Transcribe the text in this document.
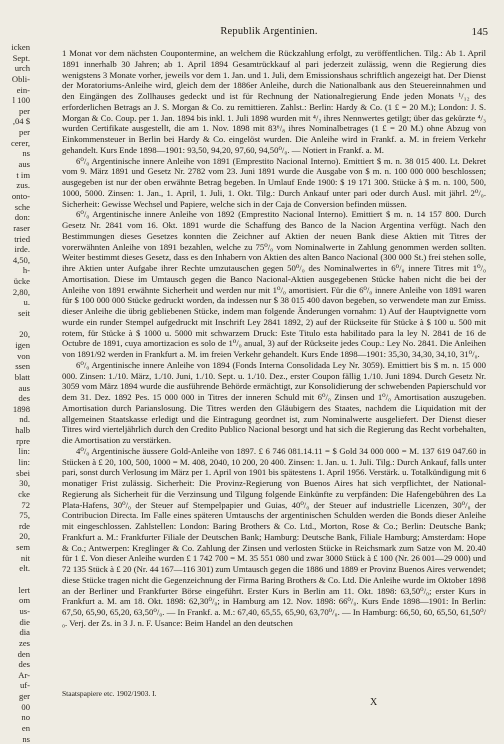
icken
Sept.
urch
Obli-
ein-
l 100
per
,04 $
per
cerer,
ns
aus
t im
zus.
onto-
sche
don:
raser
tried
irde.
4,50,
h-
ücke
2,80,
u.
seit
20,
igen
von
ssen
blatt
aus
des
1898
nd.
halb
rpre
lin:
lin:
sbei
30,
cke
72
75,
rde
20,
sem
nit
elt.
lert
om
us-
die
dia
zes
den
des
Ar-
uf-
ger
00
no
en
ns
Republik Argentinien.	145

1 Monat vor dem nächsten Coupontermine, an welchem die Rückzahlung erfolgt, zu veröffentlichen. Tilg.: Ab 1. April 1891 innerhalb 30 Jahren; ab 1. April 1894 Gesamtrückkauf al pari jederzeit zulässig, wenn die Regierung dies wenigstens 3 Monate vorher, jeweils vor dem 1. Jan. und 1. Juli, dem Emissionshaus schriftlich angezeigt hat. Der Dienst der Moratoriums-Anleihe wird, gleich dem der 1886er Anleihe, durch die Nationalbank aus den Steuereinnahmen und den Eingängen des Zollhauses gedeckt und ist für Rechnung der Nationalregierung Ende jeden Monats ¹/₁₂ des erforderlichen Betrags an J. S. Morgan & Co. zu remittieren. Zahlst.: Berlin: Hardy & Co. (1 £ = 20 M.); London: J. S. Morgan & Co. Coup. per 1. Jan. 1894 bis inkl. 1. Juli 1898 wurden mit ⁴/₃ ihres Nennwertes getilgt; über das gekürzte ⁴/₃ wurden Certifikate ausgestellt, die am 1. Nov. 1898 mit 83⁶/₈ ihres Nominalbetrages (1 £ = 20 M.) ohne Abzug von Einkommensteuer in Berlin bei Hardy & Co. eingelöst wurden. Die Anleihe wird in Frankf. a. M. in freiem Verkehr gehandelt. Kurs Ende 1898—1901: 93,50, 94,20, 97,60, 94,50⁰/₀. — Notiert in Frankf. a. M.

6⁰/₀ Argentinische innere Anleihe von 1891 (Emprestito Nacional Interno). Emittiert $ m. n. 38 015 400. Lt. Dekret vom 9. März 1891 und Gesetz Nr. 2782 vom 23. Juni 1891 wurde die Ausgabe von $ m. n. 100 000 000 beschlossen; ausgegeben ist nur der oben erwähnte Betrag begeben. In Umlauf Ende 1900: $ 19 171 300. Stücke à $ m. n. 100, 500, 1000, 5000. Zinsen: 1. Jan., 1. April, 1. Juli, 1. Okt. Tilg.: Durch Ankauf unter pari oder durch Ausl. mit jährl. 2⁰/₀. Sicherheit: Gewisse Wechsel und Papiere, welche sich in der Caja de Conversion befinden müssen.

6⁰/₀ Argentinische innere Anleihe von 1892 (Emprestito Nacional Interno). Emittiert $ m. n. 14 157 800. Durch Gesetz Nr. 2841 vom 16. Okt. 1891 wurde die Schaffung des Banco de la Nacion Argentina verfügt. Nach den Bestimmungen dieses Gesetzes konnten die Zeichner auf Aktien der neuen Bank diese Aktien mit Titres der vorerwähnten Anleihe von 1891 bezahlen, welche zu 75⁰/₀ vom Nominalwerte in Zahlung genommen werden sollten. Weiter bestimmt dieses Gesetz, dass es den Inhabern von Aktien des alten Banco Nacional (300 000 St.) frei stehen solle, ihre Aktien unter Aufgabe ihrer Rechte umzutauschen gegen 50⁰/₀ des Nominalwertes in 6⁰/₀ innere Titres mit 1⁰/₀ Amortisation. Diese im Umtausch gegen die Banco Nacional-Aktien ausgegebenen Stücke haben nicht die bei der Anleihe von 1891 erwähnte Sicherheit und werden nur mit 1⁰/₀ amortisiert. Für die 6⁰/₀ innere Anleihe von 1891 waren für $ 100 000 000 Stücke gedruckt worden, da indessen nur $ 38 015 400 davon begeben, so verwendete man zur Emiss. dieser Anleihe die übrig gebliebenen Stücke, indem man folgende Änderungen vornahm: 1) Auf der Hauptvignette vorn wurde ein runder Stempel aufgedruckt mit Inschrift Ley 2841 1892, 2) auf der Rückseite für Stücke à $ 100 u. 500 mit rotem, für Stücke à $ 1000 u. 5000 mit schwarzem Druck: Este Titulo esta habilitado para la ley N. 2841 de 16 de Octubre de 1891, cuya amortizacion es solo de 1⁰/₀ anual, 3) auf der Rückseite jedes Coup.: Ley No. 2841. Die Anleihen von 1891/92 werden in Frankfurt a. M. im freien Verkehr gehandelt. Kurs Ende 1898—1901: 35,30, 34,30, 34,10, 31⁰/₀.

6⁰/₀ Argentinische innere Anleihe von 1894 (Fonds Interna Consolidada Ley Nr. 3059). Emittiert bis $ m. n. 15 000 000. Zinsen: 1./10. März, 1./10. Juni, 1./10. Sept. u. 1./10. Dez., erster Coupon fällig 1./10. Juni 1894. Durch Gesetz Nr. 3059 vom März 1894 wurde die ausführende Behörde ermächtigt, zur Konsolidierung der schwebenden Papierschuld vor dem 31. Dez. 1892 Pes. 15 000 000 in Titres der inneren Schuld mit 6⁰/₀ Zinsen und 1⁰/₀ Amortisation auszugeben. Amortisation durch Parianslosung. Die Titres werden den Gläubigern des Staates, nachdem die Liquidation mit der allgemeinen Staatskasse erledigt und die Eintragung geordnet ist, zum Nominalwerte ausgeliefert. Der Dienst dieser Titres wird vierteljährlich durch den Credito Publico Nacional besorgt und hat sich die Regierung das Recht vorbehalten, die Amortisation zu verstärken.

4⁰/₀ Argentinische äussere Gold-Anleihe von 1897. £ 6 746 081.14.11 = $ Gold 34 000 000 = M. 137 619 047.60 in Stücken à £ 20, 100, 500, 1000 = M. 408, 2040, 10 200, 20 400. Zinsen: 1. Jan. u. 1. Juli. Tilg.: Durch Ankauf, falls unter pari, sonst durch Verlosung im März per 1. April von 1901 bis spätestens 1. April 1956. Verstärk. u. Totalkündigung mit 6 monatiger Frist zulässig. Sicherheit: Die Provinz-Regierung von Buenos Aires hat sich verpflichtet, der National-Regierung als Sicherheit für die Verzinsung und Tilgung folgende Einkünfte zu verpfänden: Die Hafengebühren des La Plata-Hafens, 30⁰/₀ der Steuer auf Stempelpapier und Guias, 40⁰/₀ der Steuer auf industrielle Licenzen, 30⁰/₀ der Contribucion Directa. Im Falle eines späteren Umtauschs der argentinischen Schulden werden die Bonds dieser Anleihe mit eingeschlossen. Zahlstellen: London: Baring Brothers & Co. Ltd., Morton, Rose & Co.; Berlin: Deutsche Bank; Frankfurt a. M.: Frankfurter Filiale der Deutschen Bank; Hamburg: Deutsche Bank, Filiale Hamburg; Amsterdam: Hope & Co.; Antwerpen: Kreglinger & Co. Zahlung der Zinsen und verlosten Stücke in Reichsmark zum Satze von M. 20.40 für 1 £. Von dieser Anleihe wurden £ 1 742 700 = M. 35 551 080 und zwar 3000 Stück à £ 100 (Nr. 26 001—29 000) und 72 135 Stück à £ 20 (Nr. 44 167—116 301) zum Umtausch gegen die 1886 und 1889 er Provinz Buenos Aires verwendet; diese Stücke tragen nicht die Gegenzeichnung der Firma Baring Brothers & Co. Ltd. Die Anleihe wurde im Oktober 1898 an der Berliner und Frankfurter Börse eingeführt. Erster Kurs in Berlin am 11. Okt. 1898: 63,50⁰/₀; erster Kurs in Frankfurt a. M. am 18. Okt. 1898: 62,30⁰/₀; in Hamburg am 12. Nov. 1898: 66⁰/₀. Kurs Ende 1898—1901: In Berlin: 67,50, 65,90, 65,20, 63,50⁰/₀. — In Frankf. a. M.: 67,40, 65,55, 65,90, 63,70⁰/₀. — In Hamburg: 66,50, 60, 65,50, 61,50⁰/₀. Verj. der Zs. in 3 J. n. F. Usance: Beim Handel an den deutschen

Staatspapiere etc. 1902/1903. I.
X
